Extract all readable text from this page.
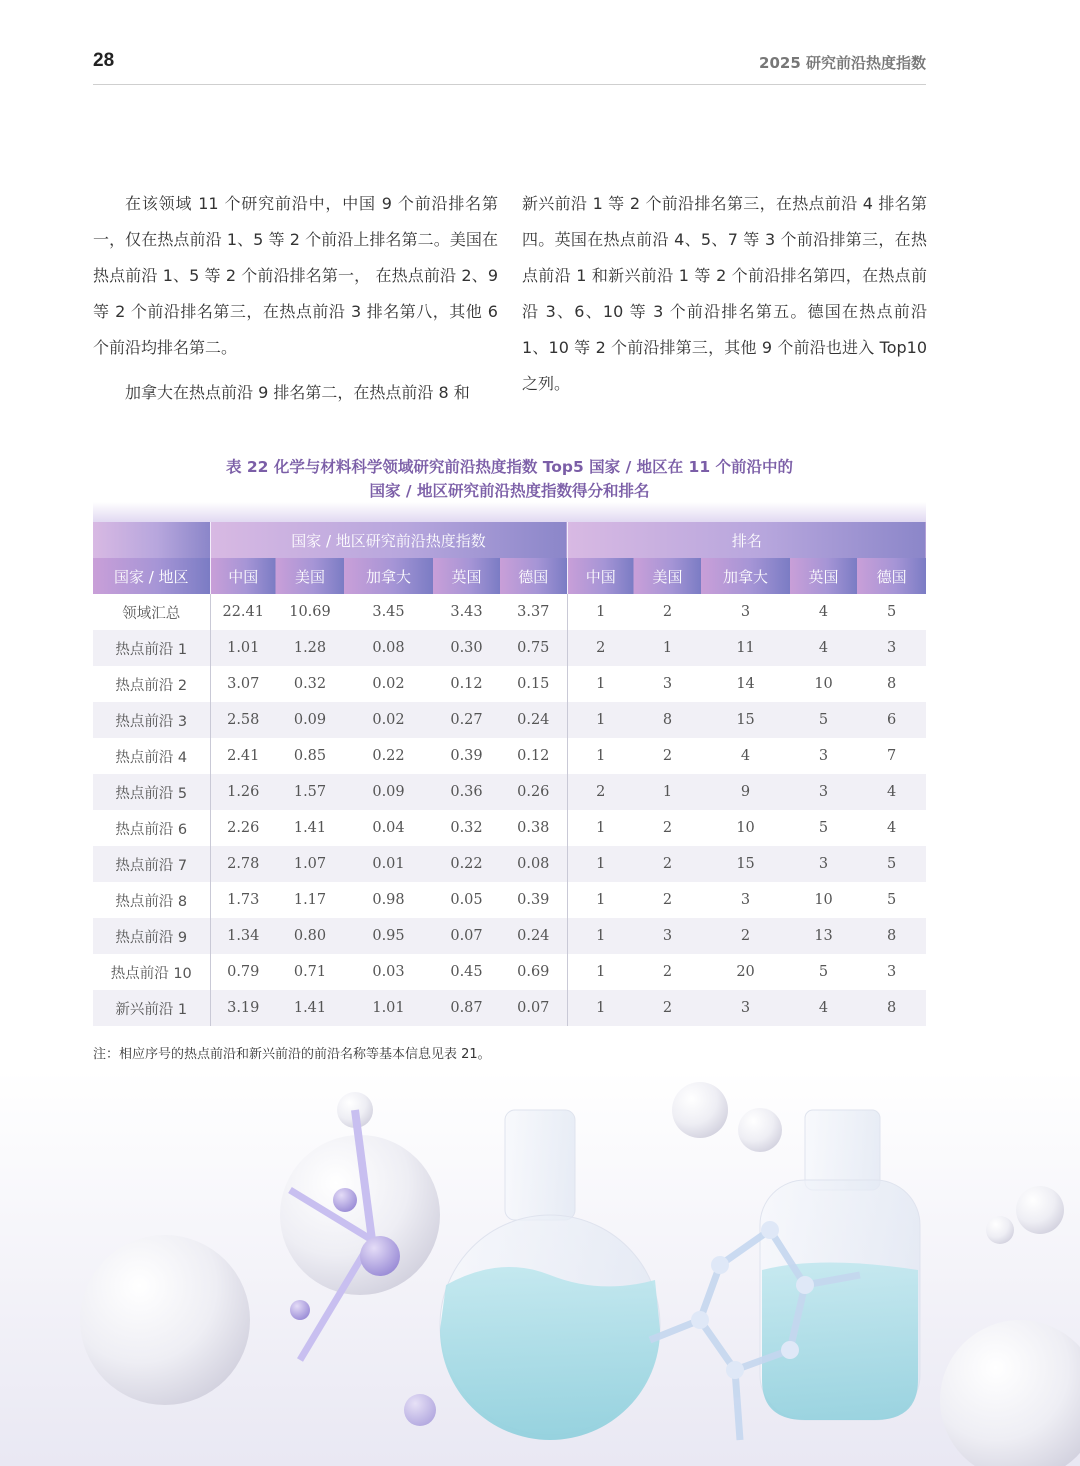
28	2025 研究前沿热度指数

在该领域 11 个研究前沿中，中国 9 个前沿排名第一，仅在热点前沿 1、5 等 2 个前沿上排名第二。美国在热点前沿 1、5 等 2 个前沿排名第一， 在热点前沿 2、9 等 2 个前沿排名第三，在热点前沿 3 排名第八，其他 6 个前沿均排名第二。

加拿大在热点前沿 9 排名第二，在热点前沿 8 和

新兴前沿 1 等 2 个前沿排名第三，在热点前沿 4 排名第四。英国在热点前沿 4、5、7 等 3 个前沿排第三，在热点前沿 1 和新兴前沿 1 等 2 个前沿排名第四，在热点前沿 3、6、10 等 3 个前沿排名第五。德国在热点前沿 1、10 等 2 个前沿排第三，其他 9 个前沿也进入 Top10 之列。

表 22 化学与材料科学领域研究前沿热度指数 Top5 国家 / 地区在 11 个前沿中的
国家 / 地区研究前沿热度指数得分和排名
	国家 / 地区研究前沿热度指数					排名				
国家 / 地区	中国	美国	加拿大	英国	德国	中国	美国	加拿大	英国	德国
领域汇总	22.41	10.69	3.45	3.43	3.37	1	2	3	4	5
热点前沿 1	1.01	1.28	0.08	0.30	0.75	2	1	11	4	3
热点前沿 2	3.07	0.32	0.02	0.12	0.15	1	3	14	10	8
热点前沿 3	2.58	0.09	0.02	0.27	0.24	1	8	15	5	6
热点前沿 4	2.41	0.85	0.22	0.39	0.12	1	2	4	3	7
热点前沿 5	1.26	1.57	0.09	0.36	0.26	2	1	9	3	4
热点前沿 6	2.26	1.41	0.04	0.32	0.38	1	2	10	5	4
热点前沿 7	2.78	1.07	0.01	0.22	0.08	1	2	15	3	5
热点前沿 8	1.73	1.17	0.98	0.05	0.39	1	2	3	10	5
热点前沿 9	1.34	0.80	0.95	0.07	0.24	1	3	2	13	8
热点前沿 10	0.79	0.71	0.03	0.45	0.69	1	2	20	5	3
新兴前沿 1	3.19	1.41	1.01	0.87	0.07	1	2	3	4	8
注：相应序号的热点前沿和新兴前沿的前沿名称等基本信息见表 21。
